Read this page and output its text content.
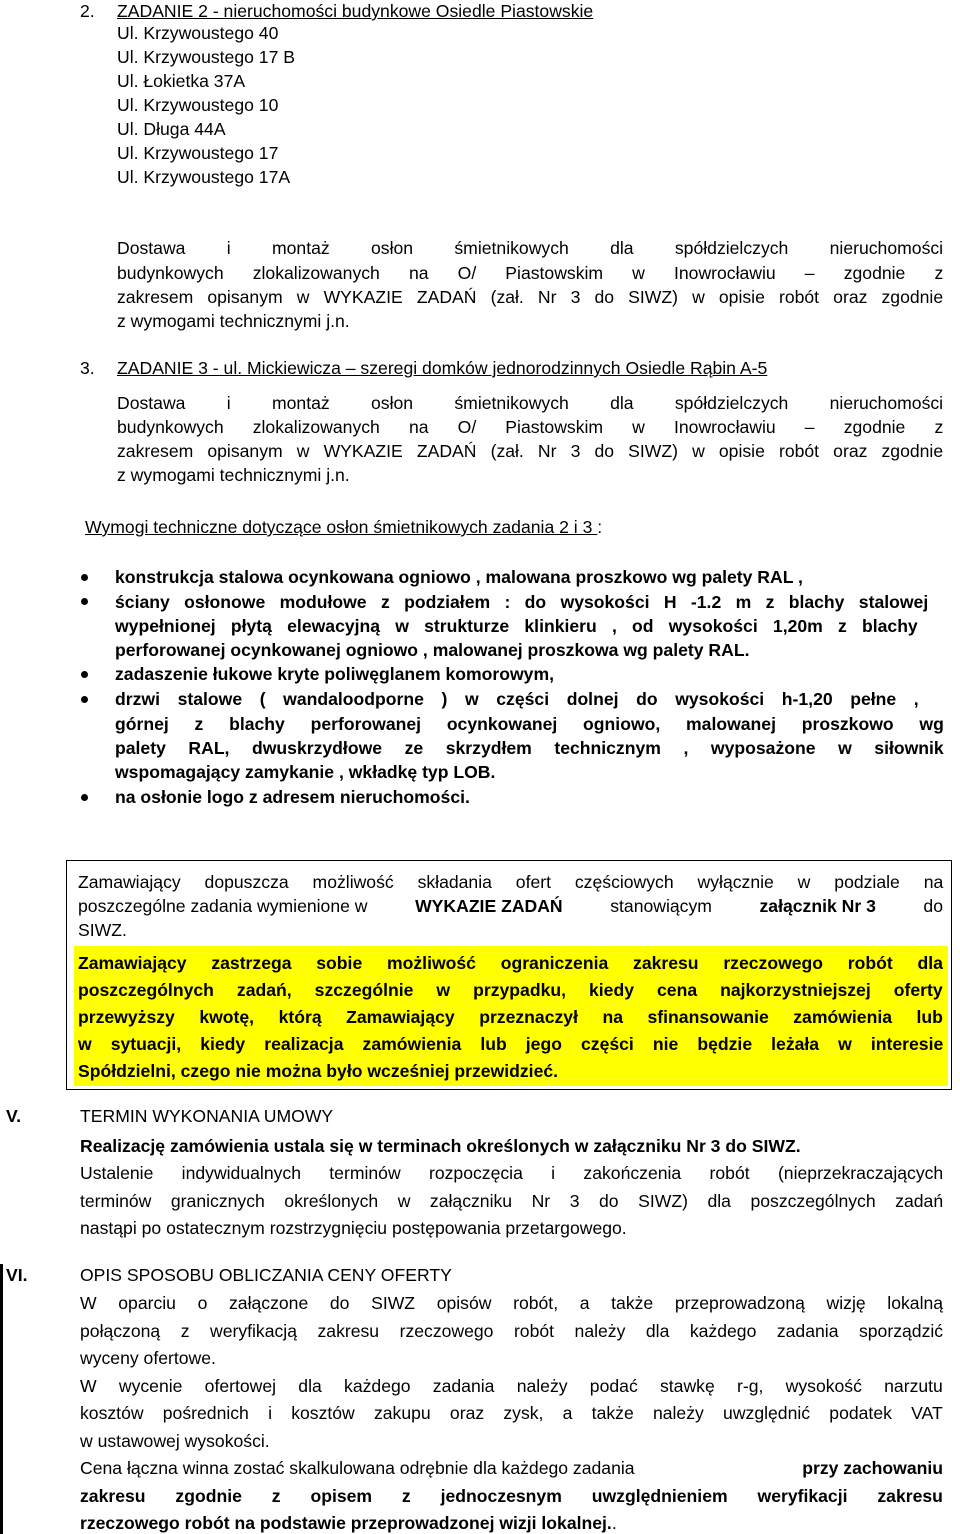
2. ZADANIE 2 - nieruchomości budynkowe Osiedle Piastowskie
Ul. Krzywoustego 40
Ul. Krzywoustego 17 B
Ul. Łokietka 37A
Ul. Krzywoustego 10
Ul. Długa 44A
Ul. Krzywoustego 17
Ul. Krzywoustego 17A
Dostawa i montaż osłon śmietnikowych dla spółdzielczych nieruchomości
budynkowych zlokalizowanych na O/ Piastowskim w Inowrocławiu – zgodnie z
zakresem opisanym w WYKAZIE ZADAŃ (zał. Nr 3 do SIWZ) w opisie robót oraz zgodnie
z wymogami technicznymi j.n.
3. ZADANIE 3 - ul. Mickiewicza – szeregi domków jednorodzinnych Osiedle Rąbin A-5
Dostawa i montaż osłon śmietnikowych dla spółdzielczych nieruchomości
budynkowych zlokalizowanych na O/ Piastowskim w Inowrocławiu – zgodnie z
zakresem opisanym w WYKAZIE ZADAŃ (zał. Nr 3 do SIWZ) w opisie robót oraz zgodnie
z wymogami technicznymi j.n.
Wymogi techniczne dotyczące osłon śmietnikowych zadania 2 i 3 :
konstrukcja stalowa ocynkowana ogniowo , malowana proszkowo wg palety RAL ,
ściany osłonowe modułowe z podziałem : do wysokości H -1.2 m z blachy stalowej
wypełnionej płytą elewacyjną w strukturze klinkieru , od wysokości 1,20m z blachy
perforowanej ocynkowanej ogniowo , malowanej proszkowa wg palety RAL.
zadaszenie łukowe kryte poliwęglanem komorowym,
drzwi stalowe ( wandaloodporne ) w części dolnej do wysokości h-1,20 pełne ,
górnej z blachy perforowanej ocynkowanej ogniowo, malowanej proszkowo wg
palety RAL, dwuskrzydłowe ze skrzydłem technicznym , wyposażone w siłownik
wspomagający zamykanie , wkładkę typ LOB.
na osłonie logo z adresem nieruchomości.
Zamawiający dopuszcza możliwość składania ofert częściowych wyłącznie w podziale na
poszczególne zadania wymienione w	WYKAZIE ZADAŃ	stanowiącym	załącznik Nr 3	do
SIWZ.
Zamawiający zastrzega sobie możliwość ograniczenia zakresu rzeczowego robót dla
poszczególnych zadań, szczególnie w przypadku, kiedy cena najkorzystniejszej oferty
przewyższy kwotę, którą Zamawiający przeznaczył na sfinansowanie zamówienia lub
w sytuacji, kiedy realizacja zamówienia lub jego części nie będzie leżała w interesie
Spółdzielni, czego nie można było wcześniej przewidzieć.
V.	TERMIN WYKONANIA UMOWY
Realizację zamówienia ustala się w terminach określonych w załączniku Nr 3 do SIWZ.
Ustalenie indywidualnych terminów rozpoczęcia i zakończenia robót (nieprzekraczających
terminów granicznych określonych w załączniku Nr 3 do SIWZ) dla poszczególnych zadań
nastąpi po ostatecznym rozstrzygnięciu postępowania przetargowego.
VI.	OPIS SPOSOBU OBLICZANIA CENY OFERTY
W oparciu o załączone do SIWZ opisów robót, a także przeprowadzoną wizję lokalną
połączoną z weryfikacją zakresu rzeczowego robót należy dla każdego zadania sporządzić
wyceny ofertowe.
W wycenie ofertowej dla każdego zadania należy podać stawkę r-g, wysokość narzutu
kosztów pośrednich i kosztów zakupu oraz zysk, a także należy uwzględnić podatek VAT
w ustawowej wysokości.
Cena łączna winna zostać skalkulowana odrębnie dla każdego zadania	przy zachowaniu
zakresu zgodnie z opisem z jednoczesnym uwzględnieniem weryfikacji zakresu
rzeczowego robót na podstawie przeprowadzonej wizji lokalnej..
